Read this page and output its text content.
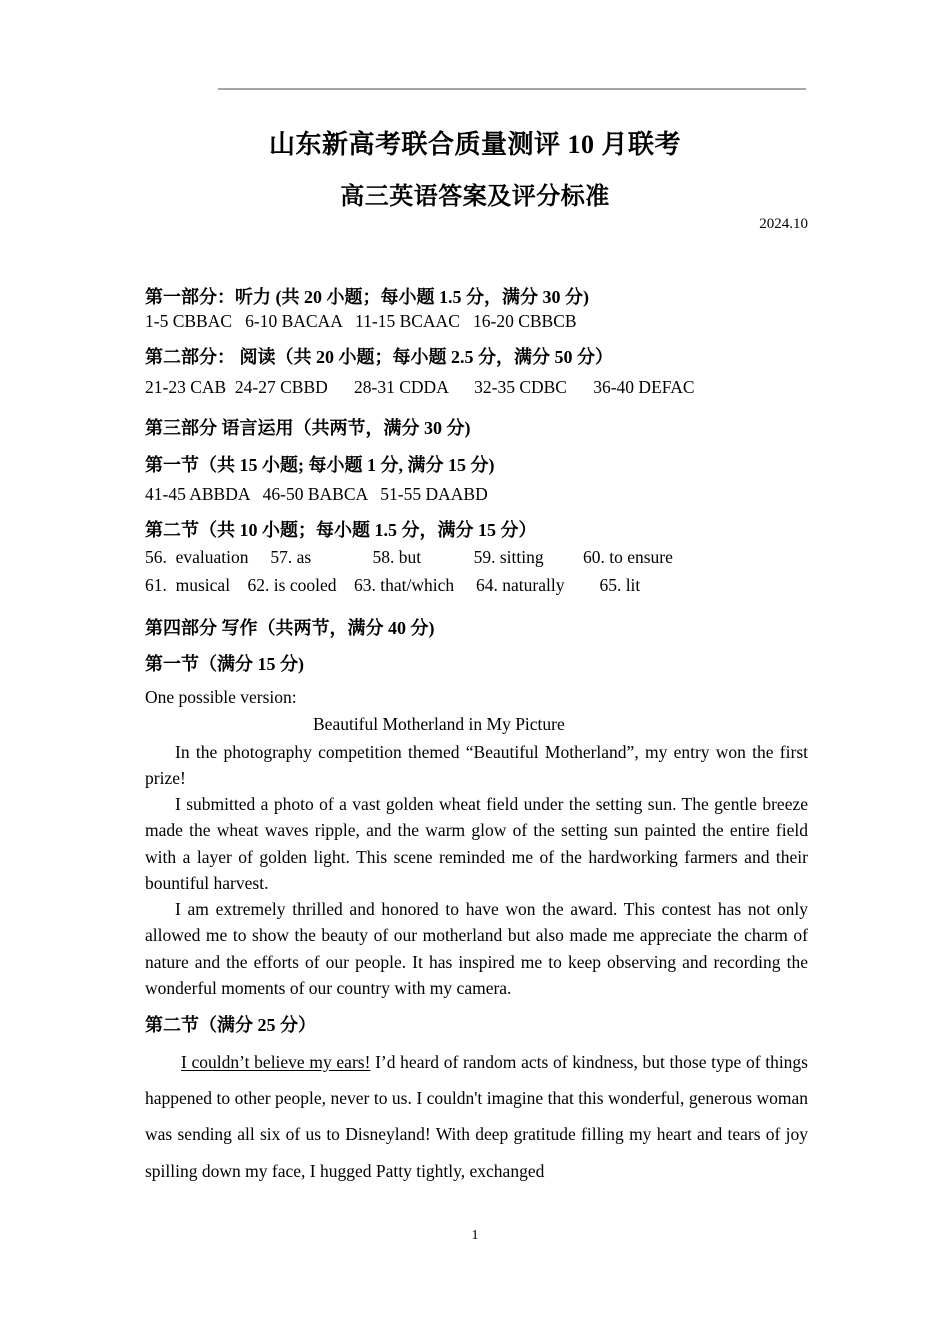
山东新高考联合质量测评 10 月联考
高三英语答案及评分标准
2024.10

第一部分：听力 (共 20 小题；每小题 1.5 分，满分 30 分)

1-5 CBBAC   6-10 BACAA   11-15 BCAAC   16-20 CBBCB

第二部分： 阅读（共 20 小题；每小题 2.5 分，满分 50 分）

21-23 CAB  24-27 CBBD      28-31 CDDA      32-35 CDBC      36-40 DEFAC

第三部分 语言运用（共两节，满分 30 分)

第一节（共 15 小题; 每小题 1 分, 满分 15 分)

41-45 ABBDA   46-50 BABCA   51-55 DAABD

第二节（共 10 小题；每小题 1.5 分，满分 15 分）

56.  evaluation     57. as              58. but            59. sitting         60. to ensure

61.  musical    62. is cooled    63. that/which     64. naturally        65. lit

第四部分 写作（共两节，满分 40 分)

第一节（满分 15 分)

One possible version:

Beautiful Motherland in My Picture

In the photography competition themed “Beautiful Motherland”, my entry won the first prize!

I submitted a photo of a vast golden wheat field under the setting sun. The gentle breeze made the wheat waves ripple, and the warm glow of the setting sun painted the entire field with a layer of golden light. This scene reminded me of the hardworking farmers and their bountiful harvest.

I am extremely thrilled and honored to have won the award. This contest has not only allowed me to show the beauty of our motherland but also made me appreciate the charm of nature and the efforts of our people. It has inspired me to keep observing and recording the wonderful moments of our country with my camera.

第二节（满分 25 分）

I couldn’t believe my ears! I’d heard of random acts of kindness, but those type of things happened to other people, never to us. I couldn't imagine that this wonderful, generous woman was sending all six of us to Disneyland! With deep gratitude filling my heart and tears of joy spilling down my face, I hugged Patty tightly, exchanged

1
